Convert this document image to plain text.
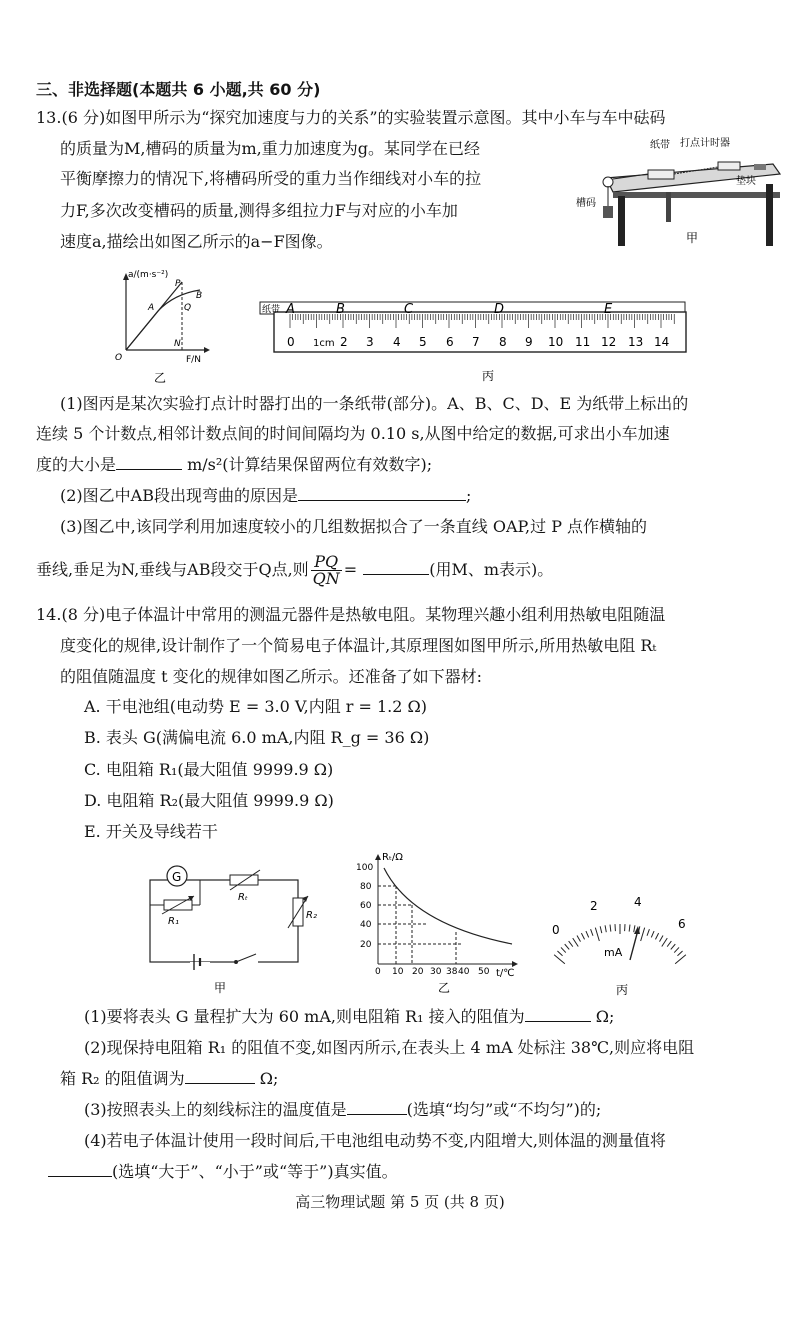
三、非选择题(本题共 6 小题,共 60 分)
13.(6 分)如图甲所示为“探究加速度与力的关系”的实验装置示意图。其中小车与车中砝码
的质量为M,槽码的质量为m,重力加速度为g。某同学在已经
平衡摩擦力的情况下,将槽码所受的重力当作细线对小车的拉
力F,多次改变槽码的质量,测得多组拉力F与对应的小车加
速度a,描绘出如图乙所示的a−F图像。
纸带 打点计时器
垫块
槽码
甲
a/(m·s⁻²)
F/N
O
A
P
B
Q
N
乙
纸带 A	B	C	D	E
0 1cm 2 3 4 5 6 7 8 9 10 11 12 13 14
丙
(1)图丙是某次实验打点计时器打出的一条纸带(部分)。A、B、C、D、E 为纸带上标出的
连续 5 个计数点,相邻计数点间的时间间隔均为 0.10 s,从图中给定的数据,可求出小车加速
度的大小是	m/s²(计算结果保留两位有效数字);
(2)图乙中AB段出现弯曲的原因是	;
(3)图乙中,该同学利用加速度较小的几组数据拟合了一条直线 OAP,过 P 点作横轴的
垂线,垂足为N,垂线与AB段交于Q点,则 $\frac{PQ}{QN}$ =	(用M、m表示)。
14.(8 分)电子体温计中常用的测温元器件是热敏电阻。某物理兴趣小组利用热敏电阻随温
度变化的规律,设计制作了一个简易电子体温计,其原理图如图甲所示,所用热敏电阻 Rₜ
的阻值随温度 t 变化的规律如图乙所示。还准备了如下器材:
A. 干电池组(电动势 E = 3.0 V,内阻 r = 1.2 Ω)
B. 表头 G(满偏电流 6.0 mA,内阻 R_g = 36 Ω)
C. 电阻箱 R₁(最大阻值 9999.9 Ω)
D. 电阻箱 R₂(最大阻值 9999.9 Ω)
E. 开关及导线若干
G
R₁
Rₜ
R₂
甲
Rₜ/Ω
t/℃
100
80
60
40
20
0 10 20 30 38 40 50
乙
0
2	4
6
mA
丙
(1)要将表头 G 量程扩大为 60 mA,则电阻箱 R₁ 接入的阻值为	Ω;
(2)现保持电阻箱 R₁ 的阻值不变,如图丙所示,在表头上 4 mA 处标注 38℃,则应将电阻
箱 R₂ 的阻值调为	Ω;
(3)按照表头上的刻线标注的温度值是	(选填“均匀”或“不均匀”)的;
(4)若电子体温计使用一段时间后,干电池组电动势不变,内阻增大,则体温的测量值将
(选填“大于”、“小于”或“等于”)真实值。
高三物理试题 第 5 页 (共 8 页)
